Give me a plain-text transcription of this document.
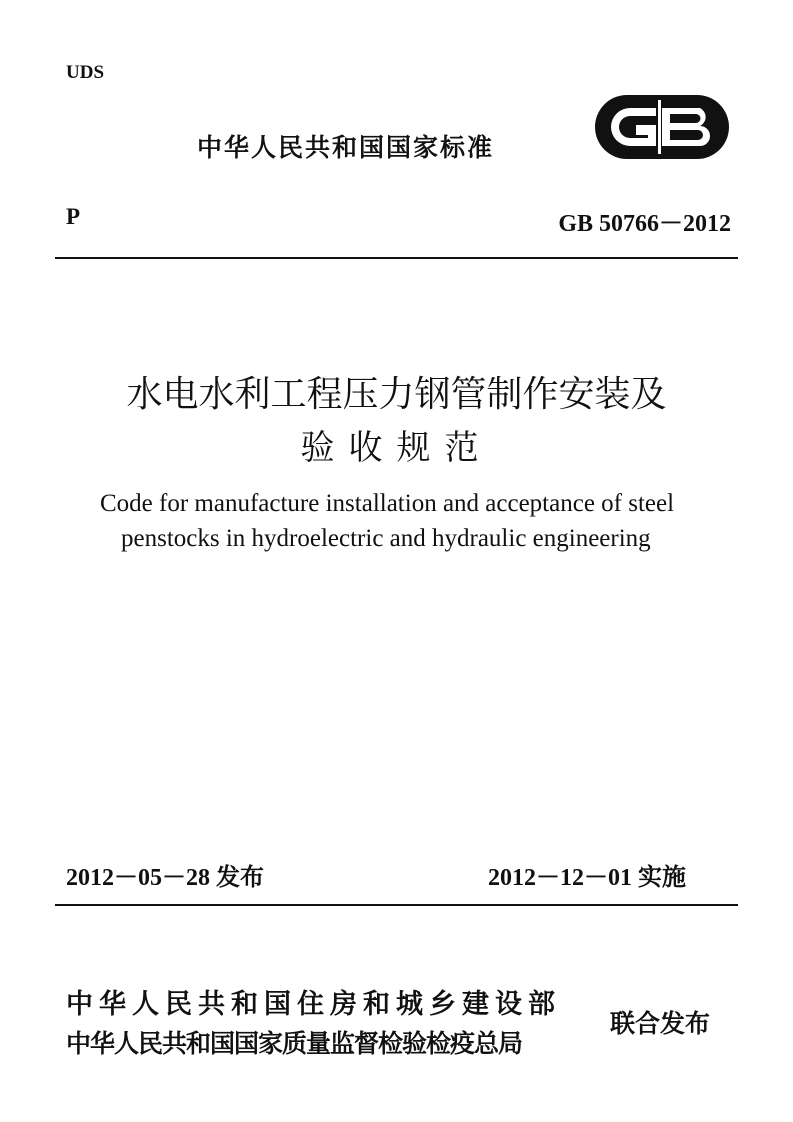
UDS
中华人民共和国国家标准
P	GB 50766－2012
水电水利工程压力钢管制作安装及
验收规范
Code for manufacture installation and acceptance of steel
penstocks in hydroelectric and hydraulic engineering
2012－05－28 发布	2012－12－01 实施
中华人民共和国住房和城乡建设部
中华人民共和国国家质量监督检验检疫总局
联合发布
